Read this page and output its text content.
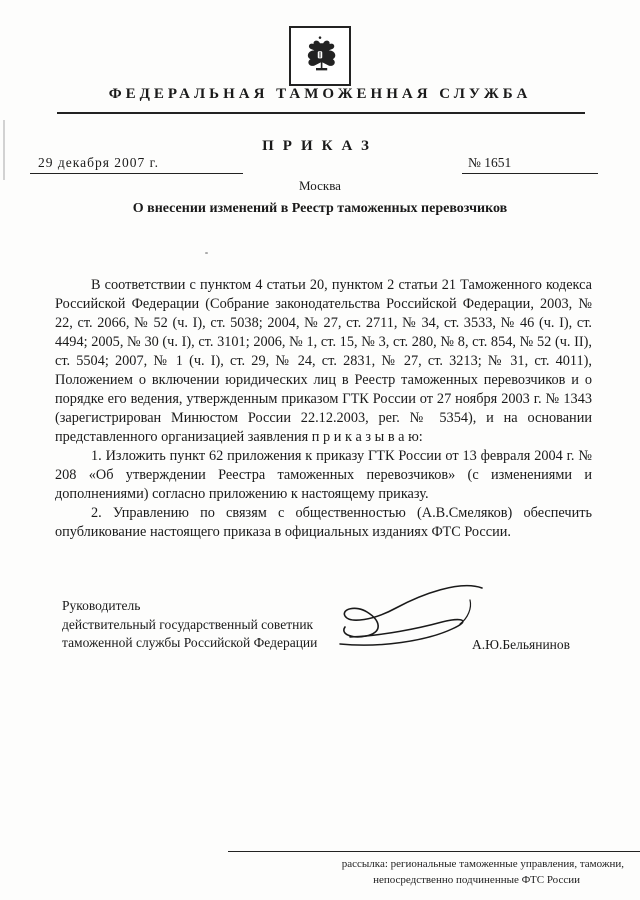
ФЕДЕРАЛЬНАЯ ТАМОЖЕННАЯ СЛУЖБА
ПРИКАЗ
29 декабря 2007 г.	№ 1651
Москва
О внесении изменений в Реестр таможенных перевозчиков

В соответствии с пунктом 4 статьи 20, пунктом 2 статьи 21 Таможенного кодекса Российской Федерации (Собрание законодательства Российской Федерации, 2003, № 22, ст. 2066, № 52 (ч. I), ст. 5038; 2004, № 27, ст. 2711, № 34, ст. 3533, № 46 (ч. I), ст. 4494; 2005, № 30 (ч. I), ст. 3101; 2006, № 1, ст. 15, № 3, ст. 280, № 8, ст. 854, № 52 (ч. II), ст. 5504; 2007, № 1 (ч. I), ст. 29, № 24, ст. 2831, № 27, ст. 3213; № 31, ст. 4011), Положением о включении юридических лиц в Реестр таможенных перевозчиков и о порядке его ведения, утвержденным приказом ГТК России от 27 ноября 2003 г. № 1343 (зарегистрирован Минюстом России 22.12.2003, рег. № 5354), и на основании представленного организацией заявления п р и к а з ы в а ю:

1. Изложить пункт 62 приложения к приказу ГТК России от 13 февраля 2004 г. № 208 «Об утверждении Реестра таможенных перевозчиков» (с изменениями и дополнениями) согласно приложению к настоящему приказу.

2. Управлению по связям с общественностью (А.В.Смеляков) обеспечить опубликование настоящего приказа в официальных изданиях ФТС России.

Руководитель
действительный государственный советник
таможенной службы Российской Федерации	А.Ю.Бельянинов
рассылка: региональные таможенные управления, таможни,
непосредственно подчиненные ФТС России
